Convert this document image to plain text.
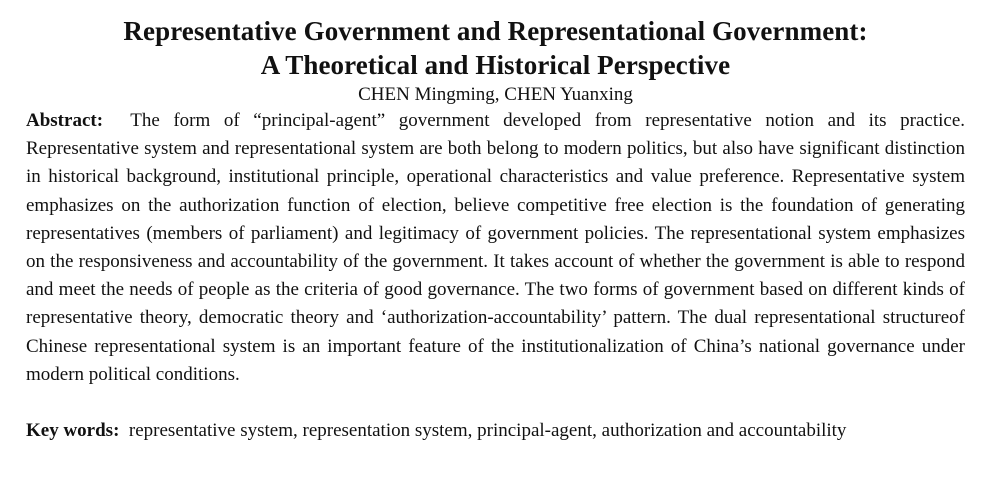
Representative Government and Representational Government:
A Theoretical and Historical Perspective

CHEN Mingming, CHEN Yuanxing

Abstract: The form of “principal-agent” government developed from representative notion and its practice. Representative system and representational system are both belong to modern politics, but also have significant distinction in historical background, institutional principle, operational characteristics and value preference. Representative system emphasizes on the authorization function of election, believe competitive free election is the foundation of generating representatives (members of parliament) and legitimacy of government policies. The representational system emphasizes on the responsiveness and accountability of the government. It takes account of whether the government is able to respond and meet the needs of people as the criteria of good governance. The two forms of government based on different kinds of representative theory, democratic theory and ‘authorization-accountability’ pattern. The dual representational structureof Chinese representational system is an important feature of the institutionalization of China’s national governance under modern political conditions.

Key words: representative system, representation system, principal-agent, authorization and accountability
